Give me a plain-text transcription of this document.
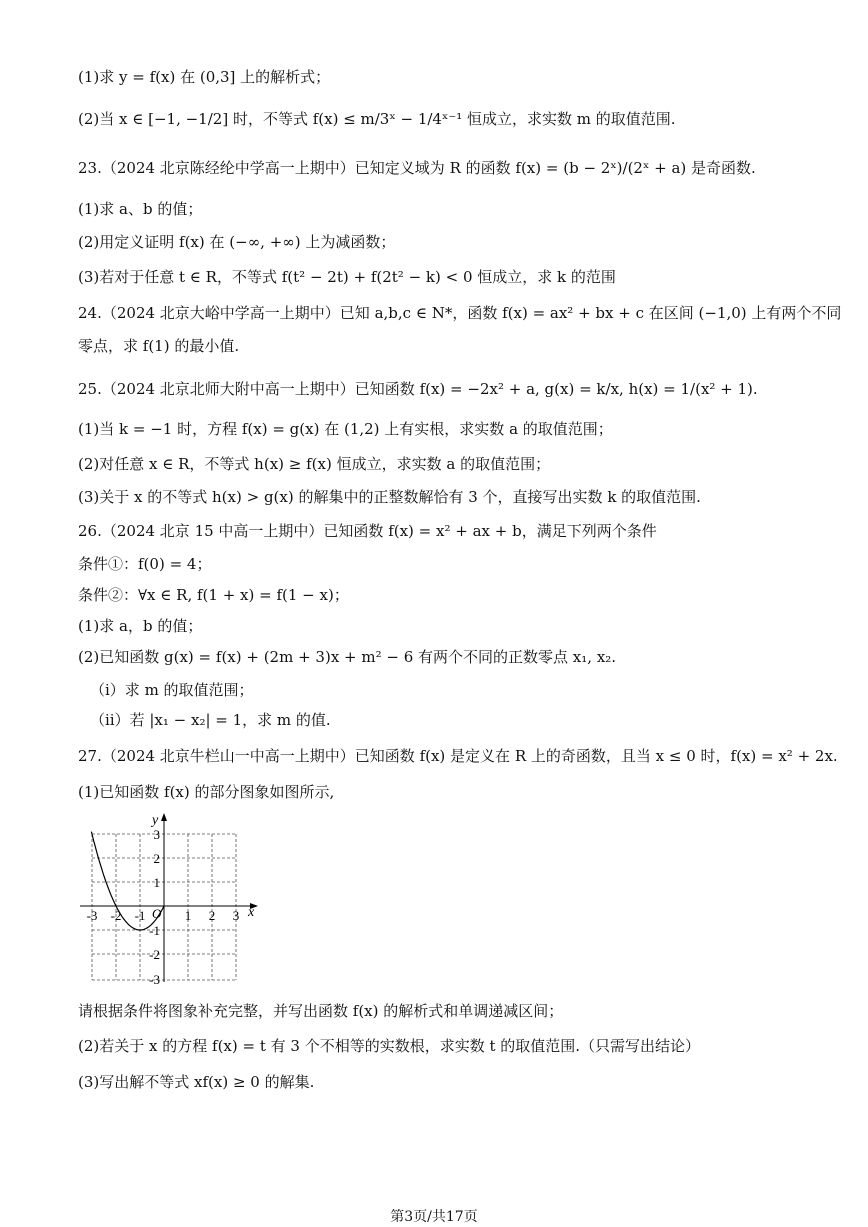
(1)求 y = f(x) 在 (0,3] 上的解析式；
(2)当 x ∈ [−1, −1/2] 时，不等式 f(x) ≤ m/3ˣ − 1/4ˣ⁻¹ 恒成立，求实数 m 的取值范围.
23.（2024 北京陈经纶中学高一上期中）已知定义域为 R 的函数 f(x) = (b − 2ˣ)/(2ˣ + a) 是奇函数.
(1)求 a、b 的值；
(2)用定义证明 f(x) 在 (−∞, +∞) 上为减函数；
(3)若对于任意 t ∈ R，不等式 f(t² − 2t) + f(2t² − k) < 0 恒成立，求 k 的范围
24.（2024 北京大峪中学高一上期中）已知 a,b,c ∈ N*，函数 f(x) = ax² + bx + c 在区间 (−1,0) 上有两个不同
零点，求 f(1) 的最小值.
25.（2024 北京北师大附中高一上期中）已知函数 f(x) = −2x² + a, g(x) = k/x, h(x) = 1/(x² + 1).
(1)当 k = −1 时，方程 f(x) = g(x) 在 (1,2) 上有实根，求实数 a 的取值范围；
(2)对任意 x ∈ R，不等式 h(x) ≥ f(x) 恒成立，求实数 a 的取值范围；
(3)关于 x 的不等式 h(x) > g(x) 的解集中的正整数解恰有 3 个，直接写出实数 k 的取值范围.
26.（2024 北京 15 中高一上期中）已知函数 f(x) = x² + ax + b，满足下列两个条件
条件①：f(0) = 4；
条件②：∀x ∈ R, f(1 + x) = f(1 − x)；
(1)求 a，b 的值；
(2)已知函数 g(x) = f(x) + (2m + 3)x + m² − 6 有两个不同的正数零点 x₁, x₂.
（ⅰ）求 m 的取值范围；
（ⅱ）若 |x₁ − x₂| = 1，求 m 的值.
27.（2024 北京牛栏山一中高一上期中）已知函数 f(x) 是定义在 R 上的奇函数，且当 x ≤ 0 时，f(x) = x² + 2x.
(1)已知函数 f(x) 的部分图象如图所示,
x
y
O
-3 -2 -1	1 2 3
3
2
1
-1
-2
-3
请根据条件将图象补充完整，并写出函数 f(x) 的解析式和单调递减区间；
(2)若关于 x 的方程 f(x) = t 有 3 个不相等的实数根，求实数 t 的取值范围.（只需写出结论）
(3)写出解不等式 xf(x) ≥ 0 的解集.
第3页/共17页
